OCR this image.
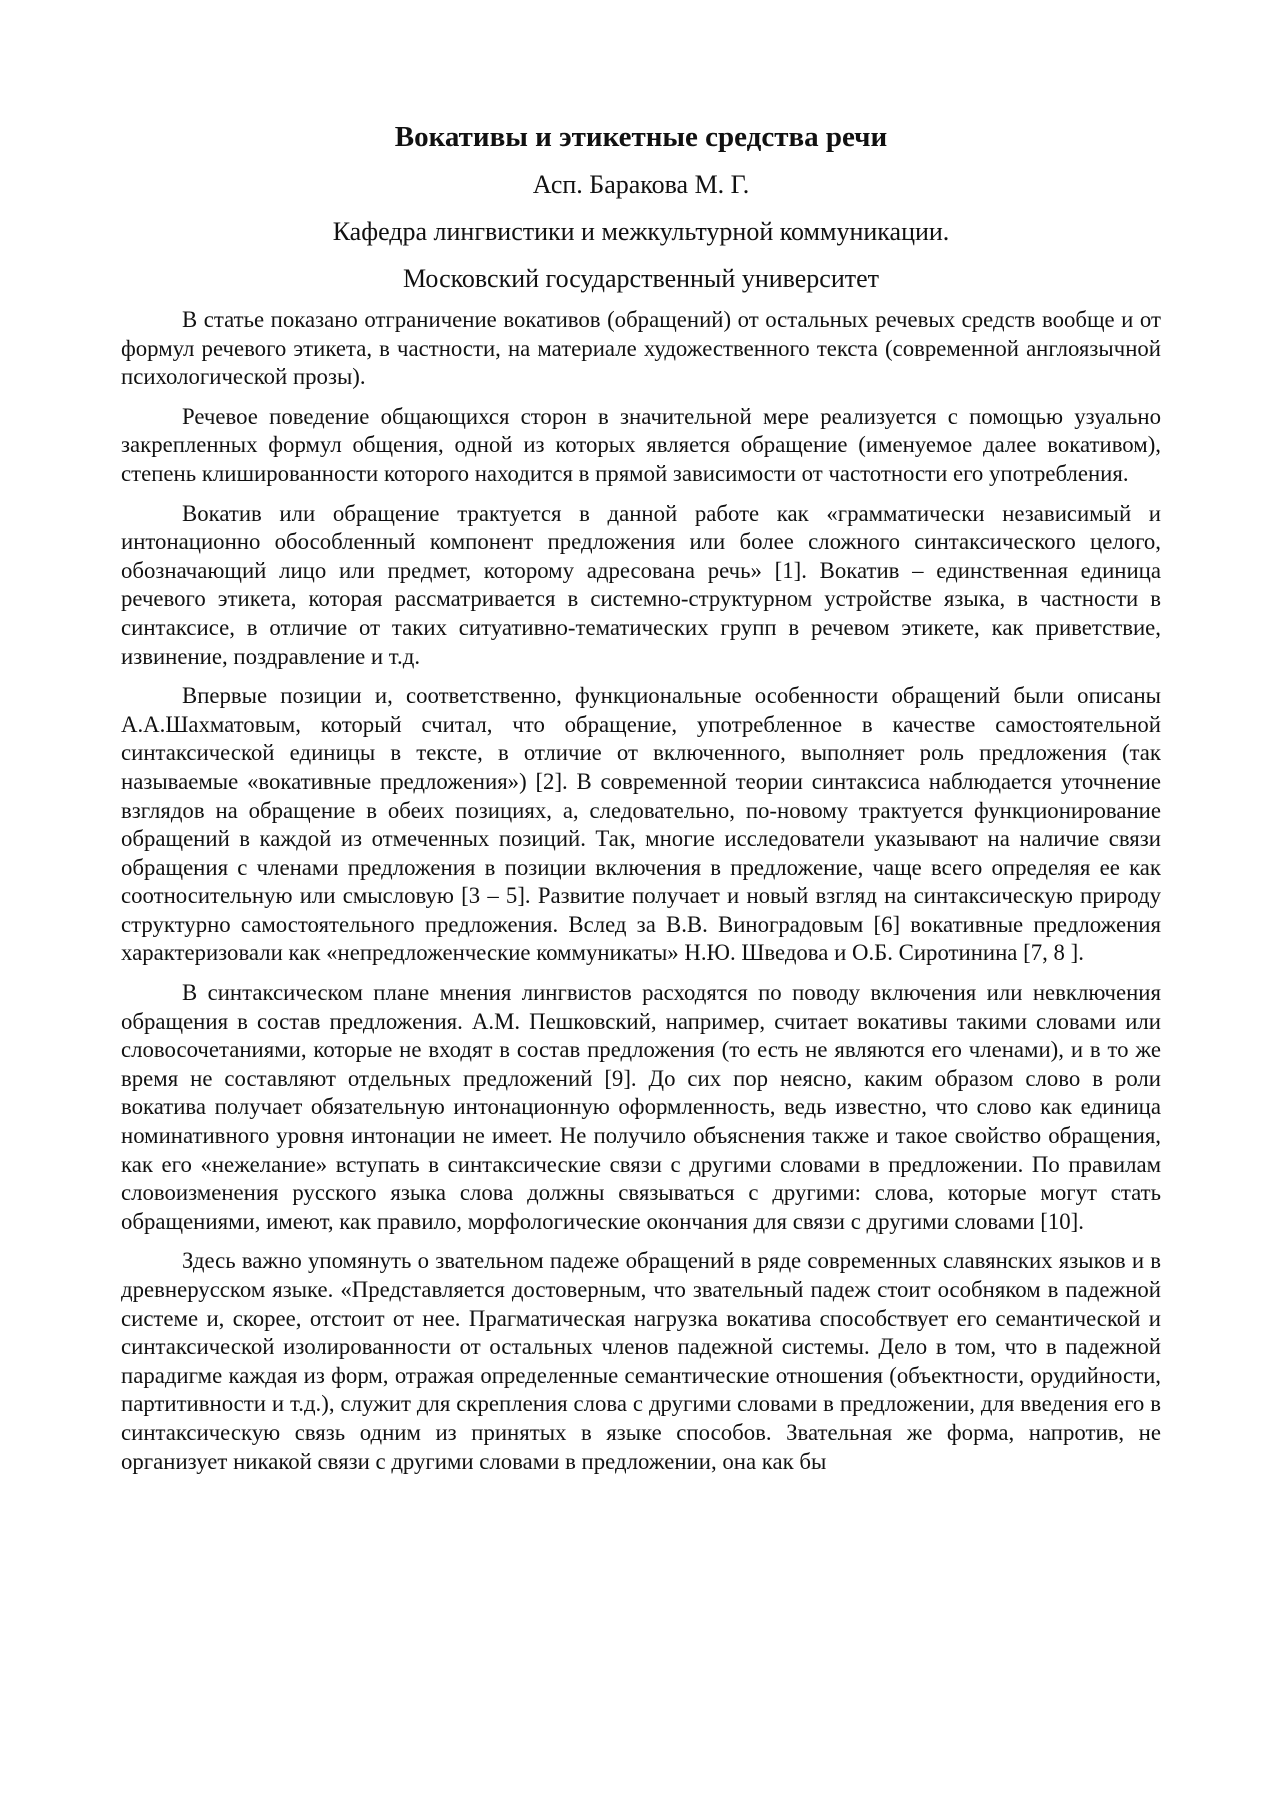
Вокативы и этикетные средства речи
Асп. Баракова М. Г.
Кафедра лингвистики и межкультурной коммуникации.
Московский государственный университет

В статье показано отграничение вокативов (обращений) от остальных речевых средств вообще и от формул речевого этикета, в частности, на материале художественного текста (современной англоязычной психологической прозы).

Речевое поведение общающихся сторон в значительной мере реализуется с помощью узуально закрепленных формул общения, одной из которых является обращение (именуемое далее вокативом), степень клишированности которого находится в прямой зависимости от частотности его употребления.

Вокатив или обращение трактуется в данной работе как «грамматически независимый и интонационно обособленный компонент предложения или более сложного синтаксического целого, обозначающий лицо или предмет, которому адресована речь» [1]. Вокатив – единственная единица речевого этикета, которая рассматривается в системно-структурном устройстве языка, в частности в синтаксисе, в отличие от таких ситуативно-тематических групп в речевом этикете, как приветствие, извинение, поздравление и т.д.

Впервые позиции и, соответственно, функциональные особенности обращений были описаны А.А.Шахматовым, который считал, что обращение, употребленное в качестве самостоятельной синтаксической единицы в тексте, в отличие от включенного, выполняет роль предложения (так называемые «вокативные предложения») [2]. В современной теории синтаксиса наблюдается уточнение взглядов на обращение в обеих позициях, а, следовательно, по-новому трактуется функционирование обращений в каждой из отмеченных позиций. Так, многие исследователи указывают на наличие связи обращения с членами предложения в позиции включения в предложение, чаще всего определяя ее как соотносительную или смысловую [3 – 5]. Развитие получает и новый взгляд на синтаксическую природу структурно самостоятельного предложения. Вслед за В.В. Виноградовым [6] вокативные предложения характеризовали как «непредложенческие коммуникаты» Н.Ю. Шведова и О.Б. Сиротинина [7, 8 ].

В синтаксическом плане мнения лингвистов расходятся по поводу включения или невключения обращения в состав предложения. А.М. Пешковский, например, считает вокативы такими словами или словосочетаниями, которые не входят в состав предложения (то есть не являются его членами), и в то же время не составляют отдельных предложений [9]. До сих пор неясно, каким образом слово в роли вокатива получает обязательную интонационную оформленность, ведь известно, что слово как единица номинативного уровня интонации не имеет. Не получило объяснения также и такое свойство обращения, как его «нежелание» вступать в синтаксические связи с другими словами в предложении. По правилам словоизменения русского языка слова должны связываться с другими: слова, которые могут стать обращениями, имеют, как правило, морфологические окончания для связи с другими словами [10].

Здесь важно упомянуть о звательном падеже обращений в ряде современных славянских языков и в древнерусском языке. «Представляется достоверным, что звательный падеж стоит особняком в падежной системе и, скорее, отстоит от нее. Прагматическая нагрузка вокатива способствует его семантической и синтаксической изолированности от остальных членов падежной системы. Дело в том, что в падежной парадигме каждая из форм, отражая определенные семантические отношения (объектности, орудийности, партитивности и т.д.), служит для скрепления слова с другими словами в предложении, для введения его в синтаксическую связь одним из принятых в языке способов. Звательная же форма, напротив, не организует никакой связи с другими словами в предложении, она как бы
